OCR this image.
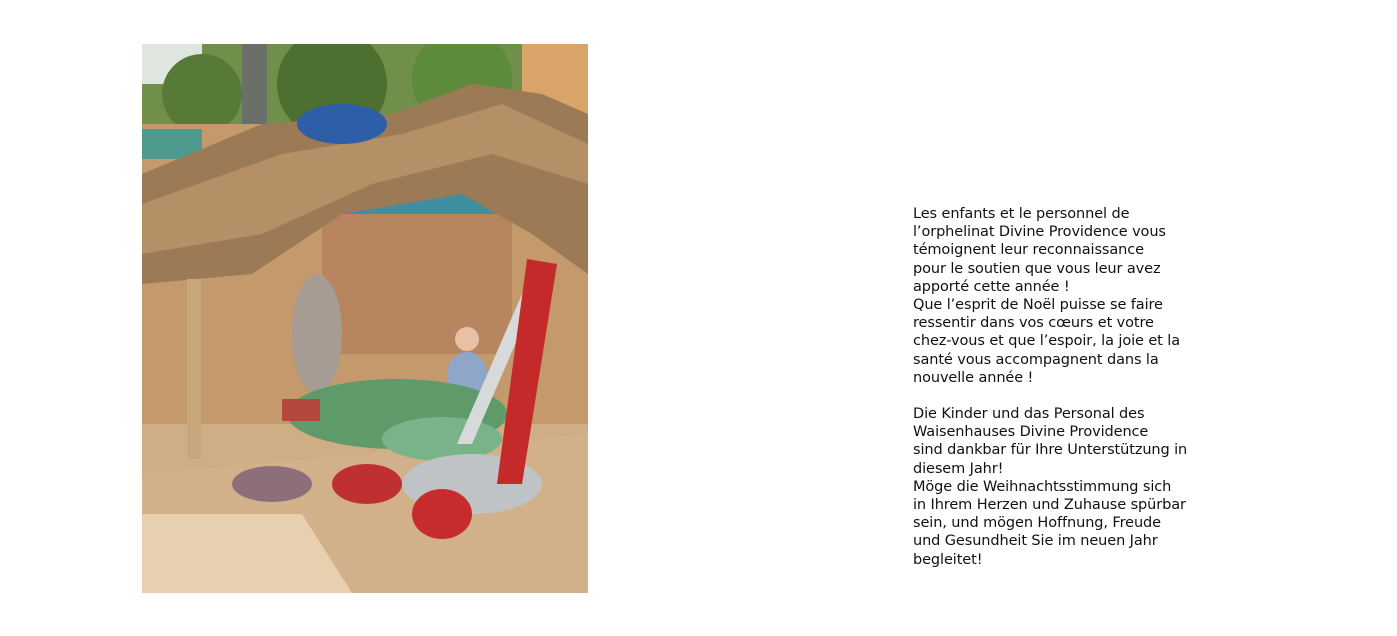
Les enfants et le personnel de
l’orphelinat Divine Providence vous
témoignent leur reconnaissance
pour le soutien que vous leur avez
apporté cette année !
Que l’esprit de Noël puisse se faire
ressentir dans vos cœurs et votre
chez-vous et que l’espoir, la joie et la
santé vous accompagnent dans la
nouvelle année !

Die Kinder und das Personal des
Waisenhauses Divine Providence
sind dankbar für Ihre Unterstützung in
diesem Jahr!
Möge die Weihnachtsstimmung sich
in Ihrem Herzen und Zuhause spürbar
sein, und mögen Hoffnung, Freude
und Gesundheit Sie im neuen Jahr
begleitet!
